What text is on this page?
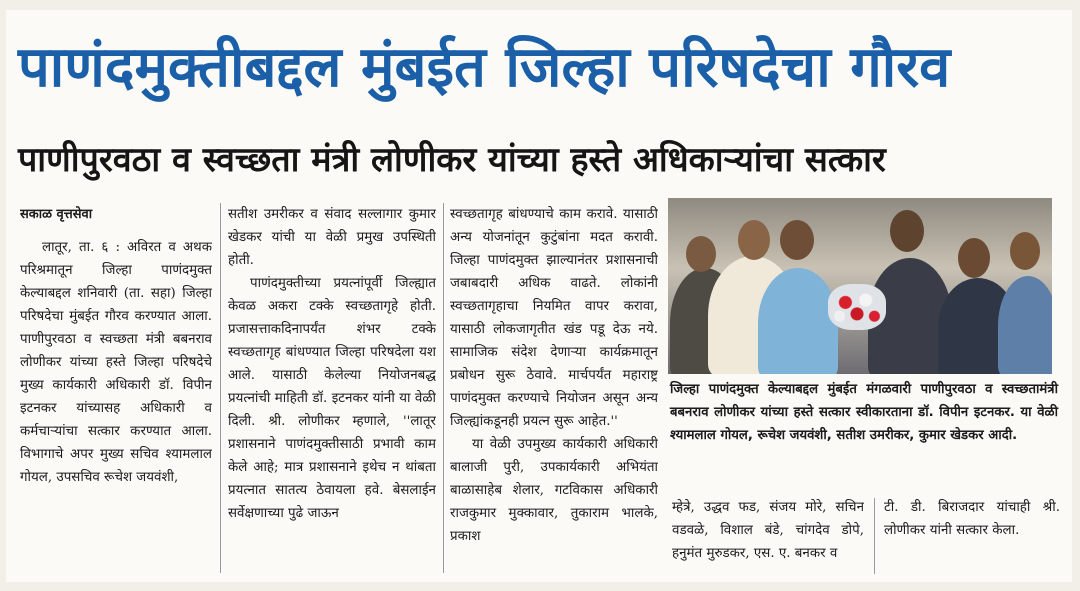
पाणंदमुक्तीबद्दल मुंबईत जिल्हा परिषदेचा गौरव
पाणीपुरवठा व स्वच्छता मंत्री लोणीकर यांच्या हस्ते अधिकाऱ्यांचा सत्कार
सकाळ वृत्तसेवा

लातूर, ता. ६ : अविरत व अथक परिश्रमातून जिल्हा पाणंदमुक्त केल्याबद्दल शनिवारी (ता. सहा) जिल्हा परिषदेचा मुंबईत गौरव करण्यात आला. पाणीपुरवठा व स्वच्छता मंत्री बबनराव लोणीकर यांच्या हस्ते जिल्हा परिषदेचे मुख्य कार्यकारी अधिकारी डॉ. विपीन इटनकर यांच्यासह अधिकारी व कर्मचाऱ्यांचा सत्कार करण्यात आला. विभागाचे अपर मुख्य सचिव श्यामलाल गोयल, उपसचिव रूचेश जयवंशी,

सतीश उमरीकर व संवाद सल्लागार कुमार खेडकर यांची या वेळी प्रमुख उपस्थिती होती.

पाणंदमुक्तीच्या प्रयत्नांपूर्वी जिल्ह्यात केवळ अकरा टक्के स्वच्छतागृहे होती. प्रजासत्ताकदिनापर्यंत शंभर टक्के स्वच्छतागृह बांधण्यात जिल्हा परिषदेला यश आले. यासाठी केलेल्या नियोजनबद्ध प्रयत्नांची माहिती डॉ. इटनकर यांनी या वेळी दिली. श्री. लोणीकर म्हणाले, ''लातूर प्रशासनाने पाणंदमुक्तीसाठी प्रभावी काम केले आहे; मात्र प्रशासनाने इथेच न थांबता प्रयत्नात सातत्य ठेवायला हवे. बेसलाईन सर्वेक्षणाच्या पुढे जाऊन

स्वच्छतागृह बांधण्याचे काम करावे. यासाठी अन्य योजनांतून कुटुंबांना मदत करावी. जिल्हा पाणंदमुक्त झाल्यानंतर प्रशासनाची जबाबदारी अधिक वाढते. लोकांनी स्वच्छतागृहाचा नियमित वापर करावा, यासाठी लोकजागृतीत खंड पडू देऊ नये. सामाजिक संदेश देणाऱ्या कार्यक्रमातून प्रबोधन सुरू ठेवावे. मार्चपर्यंत महाराष्ट्र पाणंदमुक्त करण्याचे नियोजन असून अन्य जिल्ह्यांकडूनही प्रयत्न सुरू आहेत.''

या वेळी उपमुख्य कार्यकारी अधिकारी बालाजी पुरी, उपकार्यकारी अभियंता बाळासाहेब शेलार, गटविकास अधिकारी राजकुमार मुक्कावार, तुकाराम भालके, प्रकाश

जिल्हा पाणंदमुक्त केल्याबद्दल मुंबईत मंगळवारी पाणीपुरवठा व स्वच्छतामंत्री बबनराव लोणीकर यांच्या हस्ते सत्कार स्वीकारताना डॉ. विपीन इटनकर. या वेळी श्यामलाल गोयल, रूचेश जयवंशी, सतीश उमरीकर, कुमार खेडकर आदी.

म्हेत्रे, उद्धव फड, संजय मोरे, सचिन वडवळे, विशाल बंडे, चांगदेव डोपे, हनुमंत मुरुडकर, एस. ए. बनकर व

टी. डी. बिराजदार यांचाही श्री. लोणीकर यांनी सत्कार केला.
